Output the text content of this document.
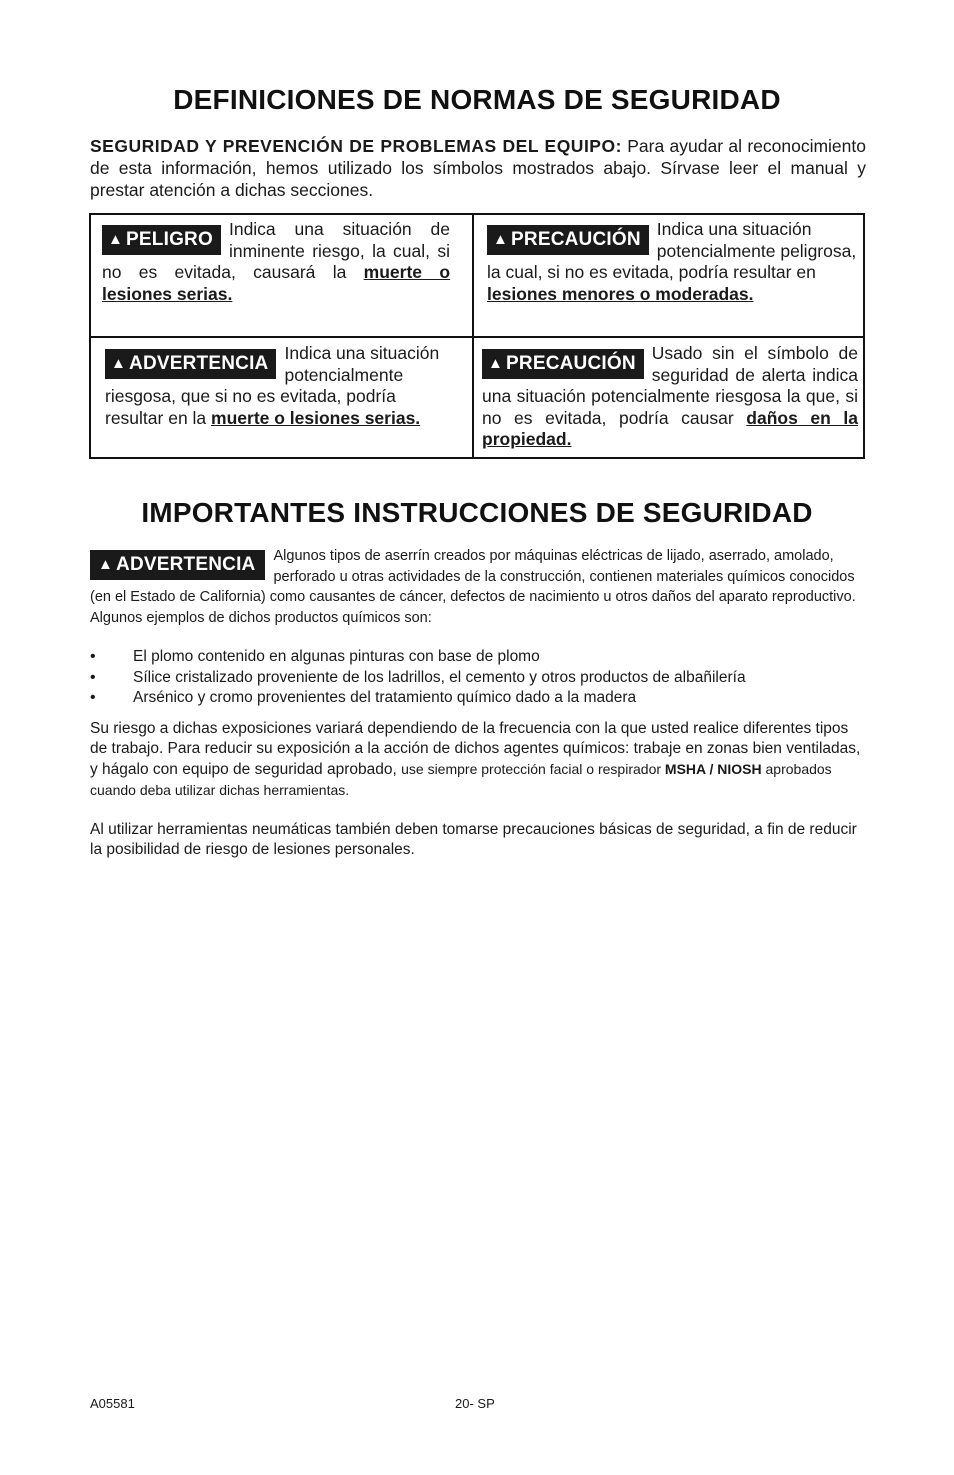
DEFINICIONES DE NORMAS DE SEGURIDAD
SEGURIDAD Y PREVENCIÓN DE PROBLEMAS DEL EQUIPO: Para ayudar al reconocimiento de esta información, hemos utilizado los símbolos mostrados abajo. Sírvase leer el manual y prestar atención a dichas secciones.
▲ PELIGRO Indica una situación de inminente riesgo, la cual, si no es evitada, causará la muerte o lesiones serias.
▲ PRECAUCIÓN Indica una situación potencialmente peligrosa, la cual, si no es evitada, podría resultar en lesiones menores o moderadas.
▲ ADVERTENCIA Indica una situación potencialmente riesgosa, que si no es evitada, podría resultar en la muerte o lesiones serias.
▲ PRECAUCIÓN Usado sin el símbolo de seguridad de alerta indica una situación potencialmente riesgosa la que, si no es evitada, podría causar daños en la propiedad.
IMPORTANTES INSTRUCCIONES DE SEGURIDAD
▲ ADVERTENCIA	Algunos tipos de aserrín creados por máquinas eléctricas de lijado, aserrado, amolado, perforado u otras actividades de la construcción, contienen materiales químicos conocidos (en el Estado de California) como causantes de cáncer, defectos de nacimiento u otros daños del aparato reproductivo. Algunos ejemplos de dichos productos químicos son:
• El plomo contenido en algunas pinturas con base de plomo
• Sílice cristalizado proveniente de los ladrillos, el cemento y otros productos de albañilería
• Arsénico y cromo provenientes del tratamiento químico dado a la madera
Su riesgo a dichas exposiciones variará dependiendo de la frecuencia con la que usted realice diferentes tipos de trabajo. Para reducir su exposición a la acción de dichos agentes químicos: trabaje en zonas bien ventiladas, y hágalo con equipo de seguridad aprobado, use siempre protección facial o respirador MSHA / NIOSH aprobados cuando deba utilizar dichas herramientas.
Al utilizar herramientas neumáticas también deben tomarse precauciones básicas de seguridad, a fin de reducir la posibilidad de riesgo de lesiones personales.
A05581	20- SP
